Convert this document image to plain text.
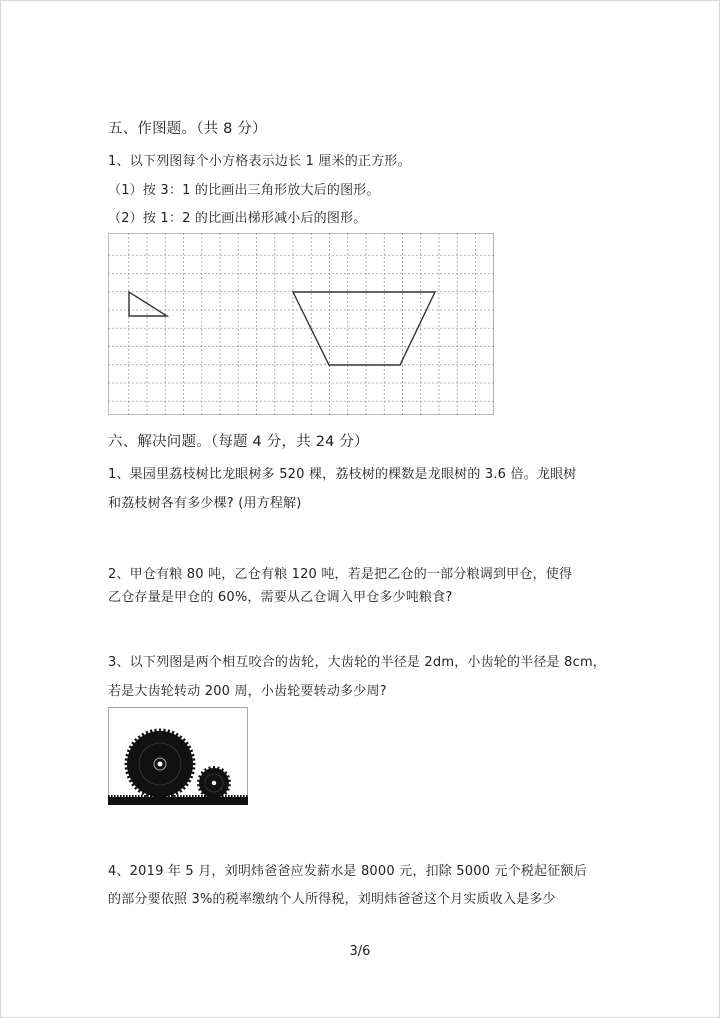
五、作图题。（共 8 分）
1、以下列图每个小方格表示边长 1 厘米的正方形。
（1）按 3：1 的比画出三角形放大后的图形。
（2）按 1：2 的比画出梯形减小后的图形。
六、解决问题。（每题 4 分，共 24 分）
1、果园里荔枝树比龙眼树多 520 棵，荔枝树的棵数是龙眼树的 3.6 倍。龙眼树
和荔枝树各有多少棵? (用方程解)
2、甲仓有粮 80 吨，乙仓有粮 120 吨，若是把乙仓的一部分粮调到甲仓，使得
乙仓存量是甲仓的 60%，需要从乙仓调入甲仓多少吨粮食?
3、以下列图是两个相互咬合的齿轮，大齿轮的半径是 2dm，小齿轮的半径是 8cm，
若是大齿轮转动 200 周，小齿轮要转动多少周?
4、2019 年 5 月，刘明炜爸爸应发薪水是 8000 元，扣除 5000 元个税起征额后
的部分要依照 3%的税率缴纳个人所得税，刘明炜爸爸这个月实质收入是多少
3/6
